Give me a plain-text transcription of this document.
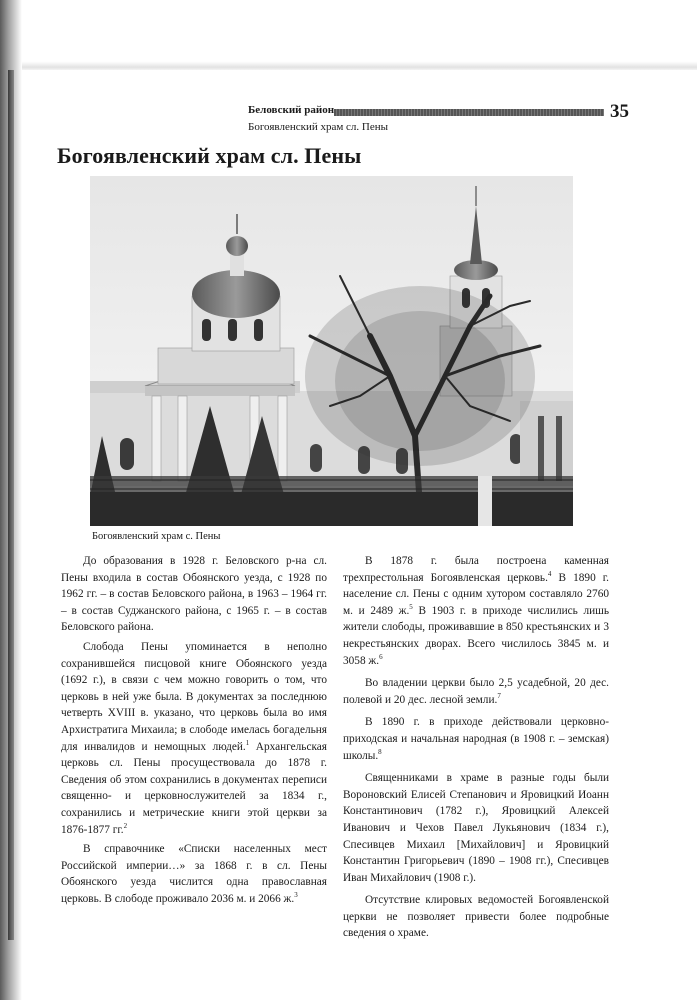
Беловский район	35
Богоявленский храм сл. Пены
Богоявленский храм сл. Пены
Богоявленский храм с. Пены

До образования в 1928 г. Беловского р-на сл. Пены входила в состав Обоянского уезда, с 1928 по 1962 гг. – в состав Беловского района, в 1963 – 1964 гг. – в состав Суджанского района, с 1965 г. – в состав Беловского района.

Слобода Пены упоминается в неполно сохранившейся писцовой книге Обоянского уезда (1692 г.), в связи с чем можно говорить о том, что церковь в ней уже была. В документах за последнюю четверть XVIII в. указано, что церковь была во имя Архистратига Михаила; в слободе имелась богадельня для инвалидов и немощных людей.$^1$ Архангельская церковь сл. Пены просуществовала до 1878 г. Сведения об этом сохранились в документах переписи священно- и церковнослужителей за 1834 г., сохранились и метрические книги этой церкви за 1876-1877 гг.$^2$

В справочнике «Списки населенных мест Российской империи…» за 1868 г. в сл. Пены Обоянского уезда числится одна православная церковь. В слободе проживало 2036 м. и 2066 ж.$^3$

В 1878 г. была построена каменная трехпрестольная Богоявленская церковь.$^4$ В 1890 г. население сл. Пены с одним хутором составляло 2760 м. и 2489 ж.$^5$ В 1903 г. в приходе числились лишь жители слободы, проживавшие в 850 крестьянских и 3 некрестьянских дворах. Всего числилось 3845 м. и 3058 ж.$^6$

Во владении церкви было 2,5 усадебной, 20 дес. полевой и 20 дес. лесной земли.$^7$

В 1890 г. в приходе действовали церковно-приходская и начальная народная (в 1908 г. – земская) школы.$^8$

Священниками в храме в разные годы были Вороновский Елисей Степанович и Яровицкий Иоанн Константинович (1782 г.), Яровицкий Алексей Иванович и Чехов Павел Лукьянович (1834 г.), Спесивцев Михаил [Михайлович] и Яровицкий Константин Григорьевич (1890 – 1908 гг.), Спесивцев Иван Михайлович (1908 г.).

Отсутствие клировых ведомостей Богоявленской церкви не позволяет привести более подробные сведения о храме.
